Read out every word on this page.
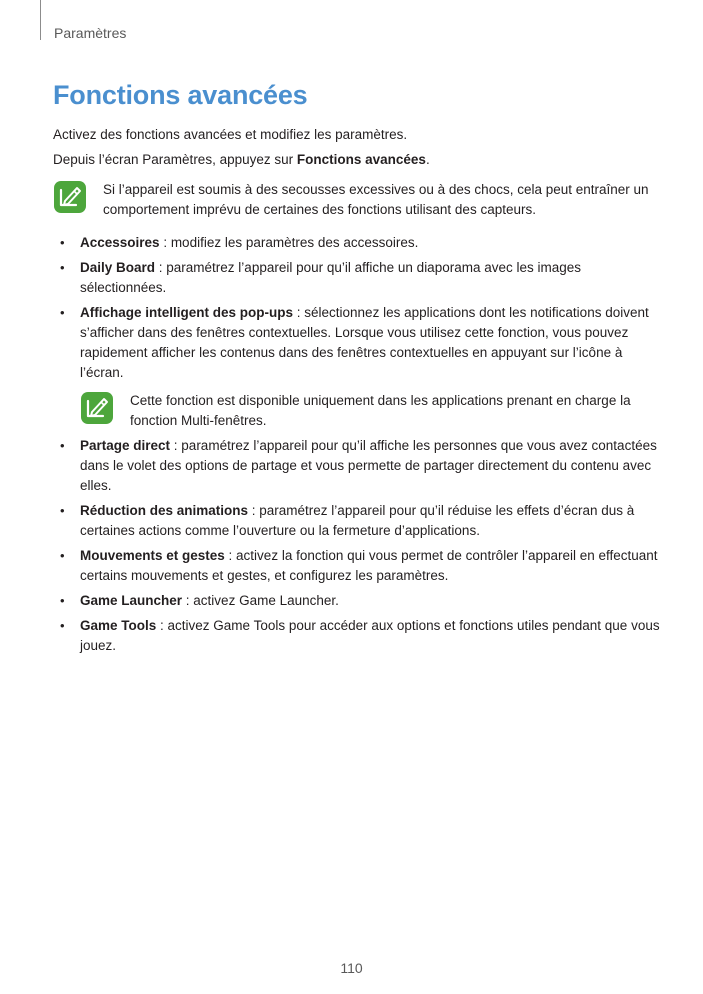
Paramètres
Fonctions avancées

Activez des fonctions avancées et modifiez les paramètres.

Depuis l’écran Paramètres, appuyez sur Fonctions avancées.

Si l’appareil est soumis à des secousses excessives ou à des chocs, cela peut entraîner un comportement imprévu de certaines des fonctions utilisant des capteurs.

• Accessoires : modifiez les paramètres des accessoires.
• Daily Board : paramétrez l’appareil pour qu’il affiche un diaporama avec les images sélectionnées.
• Affichage intelligent des pop-ups : sélectionnez les applications dont les notifications doivent s’afficher dans des fenêtres contextuelles. Lorsque vous utilisez cette fonction, vous pouvez rapidement afficher les contenus dans des fenêtres contextuelles en appuyant sur l’icône à l’écran.

Cette fonction est disponible uniquement dans les applications prenant en charge la fonction Multi-fenêtres.

• Partage direct : paramétrez l’appareil pour qu’il affiche les personnes que vous avez contactées dans le volet des options de partage et vous permette de partager directement du contenu avec elles.
• Réduction des animations : paramétrez l’appareil pour qu’il réduise les effets d’écran dus à certaines actions comme l’ouverture ou la fermeture d’applications.
• Mouvements et gestes : activez la fonction qui vous permet de contrôler l’appareil en effectuant certains mouvements et gestes, et configurez les paramètres.
• Game Launcher : activez Game Launcher.
• Game Tools : activez Game Tools pour accéder aux options et fonctions utiles pendant que vous jouez.
110
